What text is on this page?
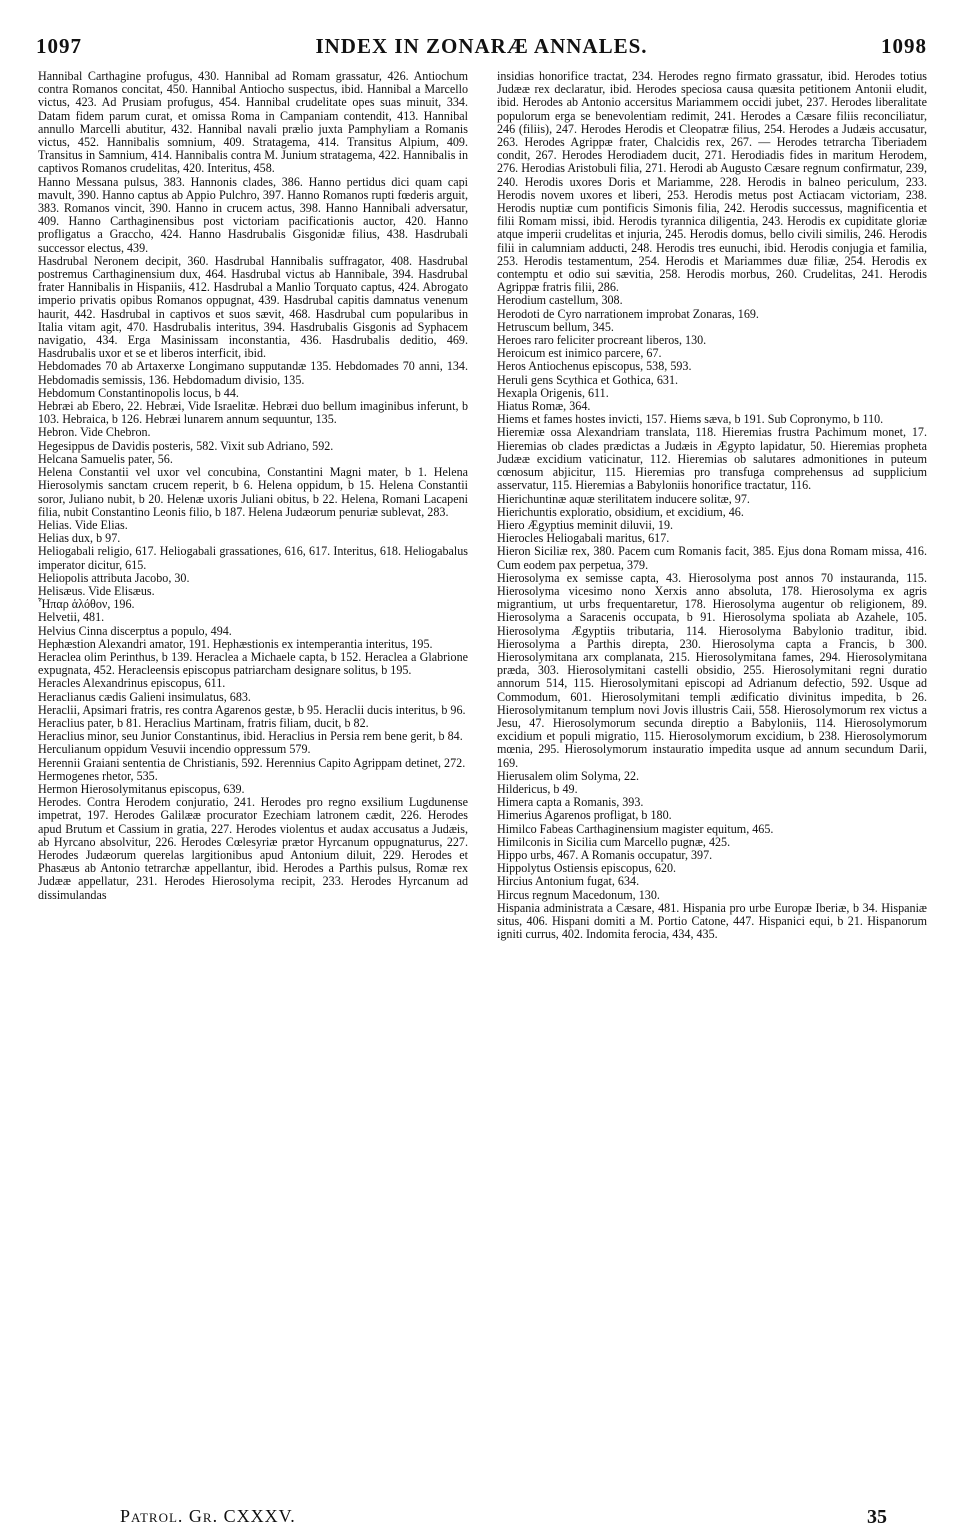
1097	INDEX IN ZONARÆ ANNALES.	1098

Hannibal Carthagine profugus, 430. Hannibal ad Romam grassatur, 426. Antiochum contra Romanos concitat, 450. Hannibal Antiocho suspectus, ibid. Hannibal a Marcello victus, 423. Ad Prusiam profugus, 454. Hannibal crudelitate opes suas minuit, 334. Datam fidem parum curat, et omissa Roma in Campaniam contendit, 413. Hannibal annullo Marcelli abutitur, 432. Hannibal navali prælio juxta Pamphyliam a Romanis victus, 452. Hannibalis somnium, 409. Stratagema, 414. Transitus Alpium, 409. Transitus in Samnium, 414. Hannibalis contra M. Junium stratagema, 422. Hannibalis in captivos Romanos crudelitas, 420. Interitus, 458.

Hanno Messana pulsus, 383. Hannonis clades, 386. Hanno pertidus dici quam capi mavult, 390. Hanno captus ab Appio Pulchro, 397. Hanno Romanos rupti fœderis arguit, 383. Romanos vincit, 390. Hanno in crucem actus, 398. Hanno Hannibali adversatur, 409. Hanno Carthaginensibus post victoriam pacificationis auctor, 420. Hanno profligatus a Graccho, 424. Hanno Hasdrubalis Gisgonidæ filius, 438. Hasdrubali successor electus, 439.

Hasdrubal Neronem decipit, 360. Hasdrubal Hannibalis suffragator, 408. Hasdrubal postremus Carthaginensium dux, 464. Hasdrubal victus ab Hannibale, 394. Hasdrubal frater Hannibalis in Hispaniis, 412. Hasdrubal a Manlio Torquato captus, 424. Abrogato imperio privatis opibus Romanos oppugnat, 439. Hasdrubal capitis damnatus venenum haurit, 442. Hasdrubal in captivos et suos sævit, 468. Hasdrubal cum popularibus in Italia vitam agit, 470. Hasdrubalis interitus, 394. Hasdrubalis Gisgonis ad Syphacem navigatio, 434. Erga Masinissam inconstantia, 436. Hasdrubalis deditio, 469. Hasdrubalis uxor et se et liberos interficit, ibid.

Hebdomades 70 ab Artaxerxe Longimano supputandæ 135. Hebdomades 70 anni, 134. Hebdomadis semissis, 136. Hebdomadum divisio, 135.

Hebdomum Constantinopolis locus, b 44.

Hebræi ab Ebero, 22. Hebræi, Vide Israelitæ. Hebræi duo bellum imaginibus inferunt, b 103. Hebraica, b 126. Hebræi lunarem annum sequuntur, 135.

Hebron. Vide Chebron.

Hegesippus de Davidis posteris, 582. Vixit sub Adriano, 592.

Helcana Samuelis pater, 56.

Helena Constantii vel uxor vel concubina, Constantini Magni mater, b 1. Helena Hierosolymis sanctam crucem reperit, b 6. Helena oppidum, b 15. Helena Constantii soror, Juliano nubit, b 20. Helenæ uxoris Juliani obitus, b 22. Helena, Romani Lacapeni filia, nubit Constantino Leonis filio, b 187. Helena Judæorum penuriæ sublevat, 283.

Helias. Vide Elias.

Helias dux, b 97.

Heliogabali religio, 617. Heliogabali grassationes, 616, 617. Interitus, 618. Heliogabalus imperator dicitur, 615.

Heliopolis attributa Jacobo, 30.

Helisæus. Vide Elisæus.

Ἧπαρ ἁλόθον, 196.

Helvetii, 481.

Helvius Cinna discerptus a populo, 494.

Hephæstion Alexandri amator, 191. Hephæstionis ex intemperantia interitus, 195.

Heraclea olim Perinthus, b 139. Heraclea a Michaele capta, b 152. Heraclea a Glabrione expugnata, 452. Heracleensis episcopus patriarcham designare solitus, b 195.

Heracles Alexandrinus episcopus, 611.

Heraclianus cædis Galieni insimulatus, 683.

Heraclii, Apsimari fratris, res contra Agarenos gestæ, b 95. Heraclii ducis interitus, b 96.

Heraclius pater, b 81. Heraclius Martinam, fratris filiam, ducit, b 82.

Heraclius minor, seu Junior Constantinus, ibid. Heraclius in Persia rem bene gerit, b 84.

Herculianum oppidum Vesuvii incendio oppressum 579.

Herennii Graiani sententia de Christianis, 592. Herennius Capito Agrippam detinet, 272.

Hermogenes rhetor, 535.

Hermon Hierosolymitanus episcopus, 639.

Herodes. Contra Herodem conjuratio, 241. Herodes pro regno exsilium Lugdunense impetrat, 197. Herodes Galilææ procurator Ezechiam latronem cædit, 226. Herodes apud Brutum et Cassium in gratia, 227. Herodes violentus et audax accusatus a Judæis, ab Hyrcano absolvitur, 226. Herodes Cœlesyriæ prætor Hyrcanum oppugnaturus, 227. Herodes Judæorum querelas largitionibus apud Antonium diluit, 229. Herodes et Phasæus ab Antonio tetrarchæ appellantur, ibid. Herodes a Parthis pulsus, Romæ rex Judææ appellatur, 231. Herodes Hierosolyma recipit, 233. Herodes Hyrcanum ad dissimulandas

insidias honorifice tractat, 234. Herodes regno firmato grassatur, ibid. Herodes totius Judææ rex declaratur, ibid. Herodes speciosa causa quæsita petitionem Antonii eludit, ibid. Herodes ab Antonio accersitus Mariammem occidi jubet, 237. Herodes liberalitate populorum erga se benevolentiam redimit, 241. Herodes a Cæsare filiis reconciliatur, 246 (filiis), 247. Herodes Herodis et Cleopatræ filius, 254. Herodes a Judæis accusatur, 263. Herodes Agrippæ frater, Chalcidis rex, 267. — Herodes tetrarcha Tiberiadem condit, 267. Herodes Herodiadem ducit, 271. Herodiadis fides in maritum Herodem, 276. Herodias Aristobuli filia, 271. Herodi ab Augusto Cæsare regnum confirmatur, 239, 240. Herodis uxores Doris et Mariamme, 228. Herodis in balneo periculum, 233. Herodis novem uxores et liberi, 253. Herodis metus post Actiacam victoriam, 238. Herodis nuptiæ cum pontificis Simonis filia, 242. Herodis successus, magnificentia et filii Romam missi, ibid. Herodis tyrannica diligentia, 243. Herodis ex cupiditate gloriæ atque imperii crudelitas et injuria, 245. Herodis domus, bello civili similis, 246. Herodis filii in calumniam adducti, 248. Herodis tres eunuchi, ibid. Herodis conjugia et familia, 253. Herodis testamentum, 254. Herodis et Mariammes duæ filiæ, 254. Herodis ex contemptu et odio sui sævitia, 258. Herodis morbus, 260. Crudelitas, 241. Herodis Agrippæ fratris filii, 286.

Herodium castellum, 308.

Herodoti de Cyro narrationem improbat Zonaras, 169.

Hetruscum bellum, 345.

Heroes raro feliciter procreant liberos, 130.

Heroicum est inimico parcere, 67.

Heros Antiochenus episcopus, 538, 593.

Heruli gens Scythica et Gothica, 631.

Hexapla Origenis, 611.

Hiatus Romæ, 364.

Hiems et fames hostes invicti, 157. Hiems sæva, b 191. Sub Copronymo, b 110.

Hieremiæ ossa Alexandriam translata, 118. Hieremias frustra Pachimum monet, 17. Hieremias ob clades prædictas a Judæis in Ægypto lapidatur, 50. Hieremias propheta Judææ excidium vaticinatur, 112. Hieremias ob salutares admonitiones in puteum cœnosum abjicitur, 115. Hieremias pro transfuga comprehensus ad supplicium asservatur, 115. Hieremias a Babyloniis honorifice tractatur, 116.

Hierichuntinæ aquæ sterilitatem inducere solitæ, 97.

Hierichuntis exploratio, obsidium, et excidium, 46.

Hiero Ægyptius meminit diluvii, 19.

Hierocles Heliogabali maritus, 617.

Hieron Siciliæ rex, 380. Pacem cum Romanis facit, 385. Ejus dona Romam missa, 416. Cum eodem pax perpetua, 379.

Hierosolyma ex semisse capta, 43. Hierosolyma post annos 70 instauranda, 115. Hierosolyma vicesimo nono Xerxis anno absoluta, 178. Hierosolyma ex agris migrantium, ut urbs frequentaretur, 178. Hierosolyma augentur ob religionem, 89. Hierosolyma a Saracenis occupata, b 91. Hierosolyma spoliata ab Azahele, 105. Hierosolyma Ægyptiis tributaria, 114. Hierosolyma Babylonio traditur, ibid. Hierosolyma a Parthis direpta, 230. Hierosolyma capta a Francis, b 300. Hierosolymitana arx complanata, 215. Hierosolymitana fames, 294. Hierosolymitana præda, 303. Hierosolymitani castelli obsidio, 255. Hierosolymitani regni duratio annorum 514, 115. Hierosolymitani episcopi ad Adrianum defectio, 592. Usque ad Commodum, 601. Hierosolymitani templi ædificatio divinitus impedita, b 26. Hierosolymitanum templum novi Jovis illustris Caii, 558. Hierosolymorum rex victus a Jesu, 47. Hierosolymorum secunda direptio a Babyloniis, 114. Hierosolymorum excidium et populi migratio, 115. Hierosolymorum excidium, b 238. Hierosolymorum mœnia, 295. Hierosolymorum instauratio impedita usque ad annum secundum Darii, 169.

Hierusalem olim Solyma, 22.

Hildericus, b 49.

Himera capta a Romanis, 393.

Himerius Agarenos profligat, b 180.

Himilco Fabeas Carthaginensium magister equitum, 465.

Himilconis in Sicilia cum Marcello pugnæ, 425.

Hippo urbs, 467. A Romanis occupatur, 397.

Hippolytus Ostiensis episcopus, 620.

Hircius Antonium fugat, 634.

Hircus regnum Macedonum, 130.

Hispania administrata a Cæsare, 481. Hispania pro urbe Europæ Iberiæ, b 34. Hispaniæ situs, 406. Hispani domiti a M. Portio Catone, 447. Hispanici equi, b 21. Hispanorum igniti currus, 402. Indomita ferocia, 434, 435.

Patrol. Gr. CXXXV.	35
